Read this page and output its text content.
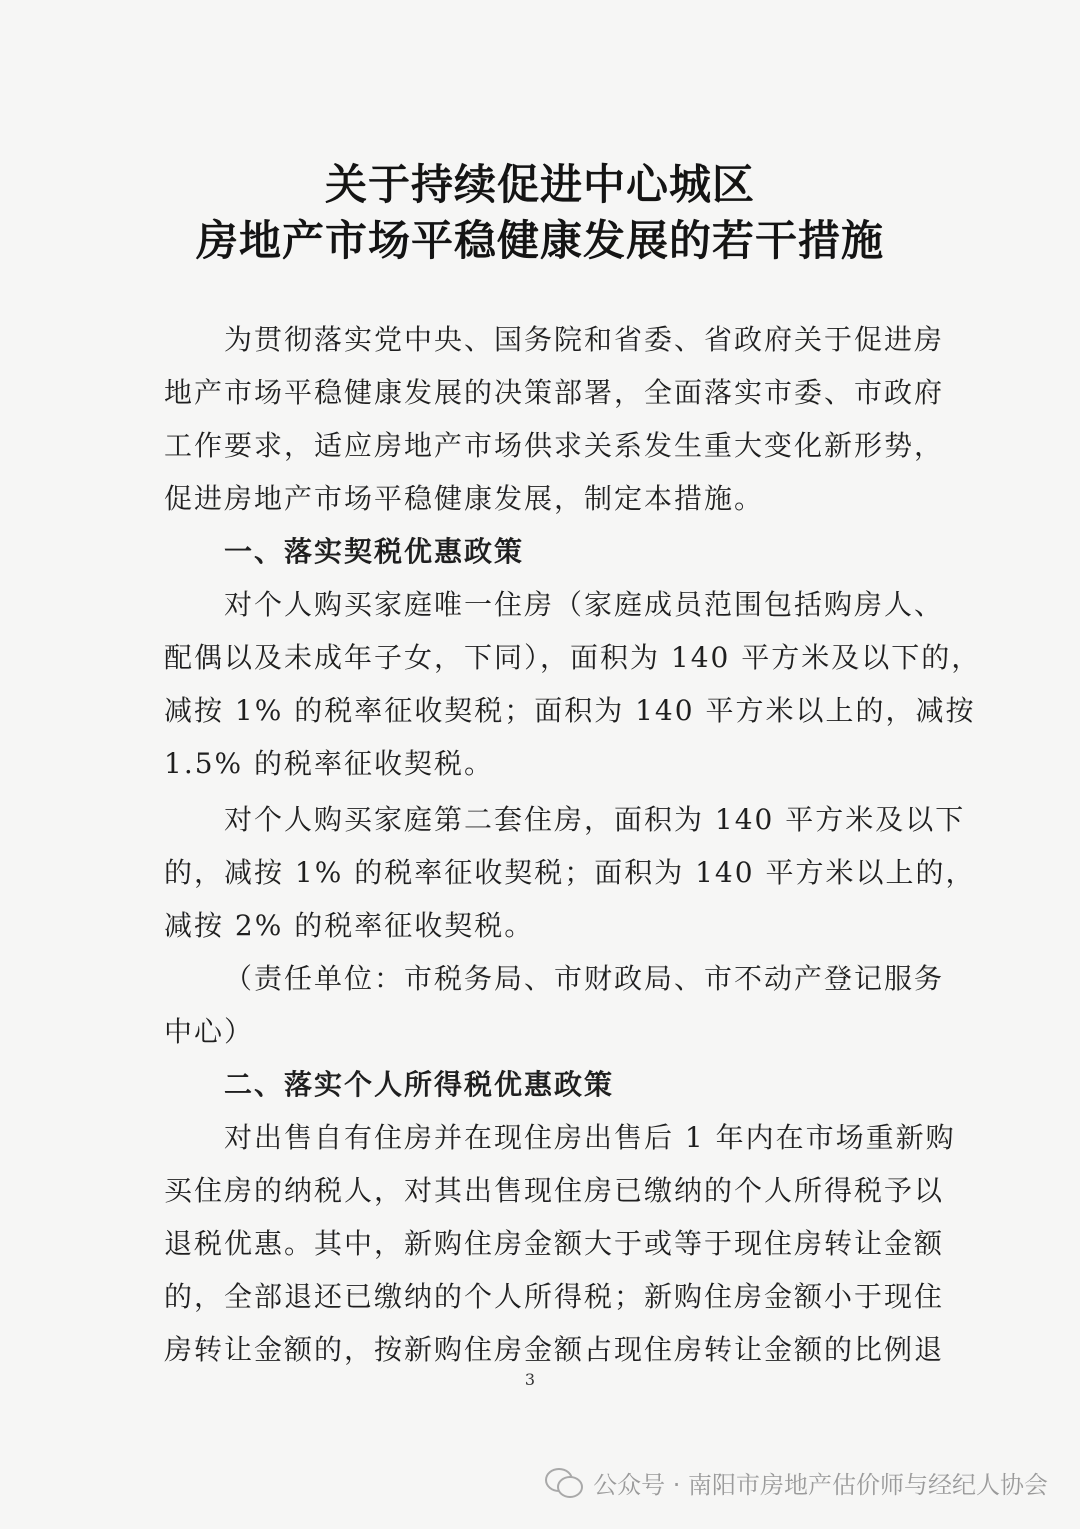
关于持续促进中心城区
房地产市场平稳健康发展的若干措施
为贯彻落实党中央、国务院和省委、省政府关于促进房
地产市场平稳健康发展的决策部署，全面落实市委、市政府
工作要求，适应房地产市场供求关系发生重大变化新形势，
促进房地产市场平稳健康发展，制定本措施。
一、落实契税优惠政策
对个人购买家庭唯一住房（家庭成员范围包括购房人、
配偶以及未成年子女，下同），面积为 140 平方米及以下的，
减按 1% 的税率征收契税；面积为 140 平方米以上的，减按
1.5% 的税率征收契税。
对个人购买家庭第二套住房，面积为 140 平方米及以下
的，减按 1% 的税率征收契税；面积为 140 平方米以上的，
减按 2% 的税率征收契税。
（责任单位：市税务局、市财政局、市不动产登记服务
中心）
二、落实个人所得税优惠政策
对出售自有住房并在现住房出售后 1 年内在市场重新购
买住房的纳税人，对其出售现住房已缴纳的个人所得税予以
退税优惠。其中，新购住房金额大于或等于现住房转让金额
的，全部退还已缴纳的个人所得税；新购住房金额小于现住
房转让金额的，按新购住房金额占现住房转让金额的比例退
3
公众号 · 南阳市房地产估价师与经纪人协会
